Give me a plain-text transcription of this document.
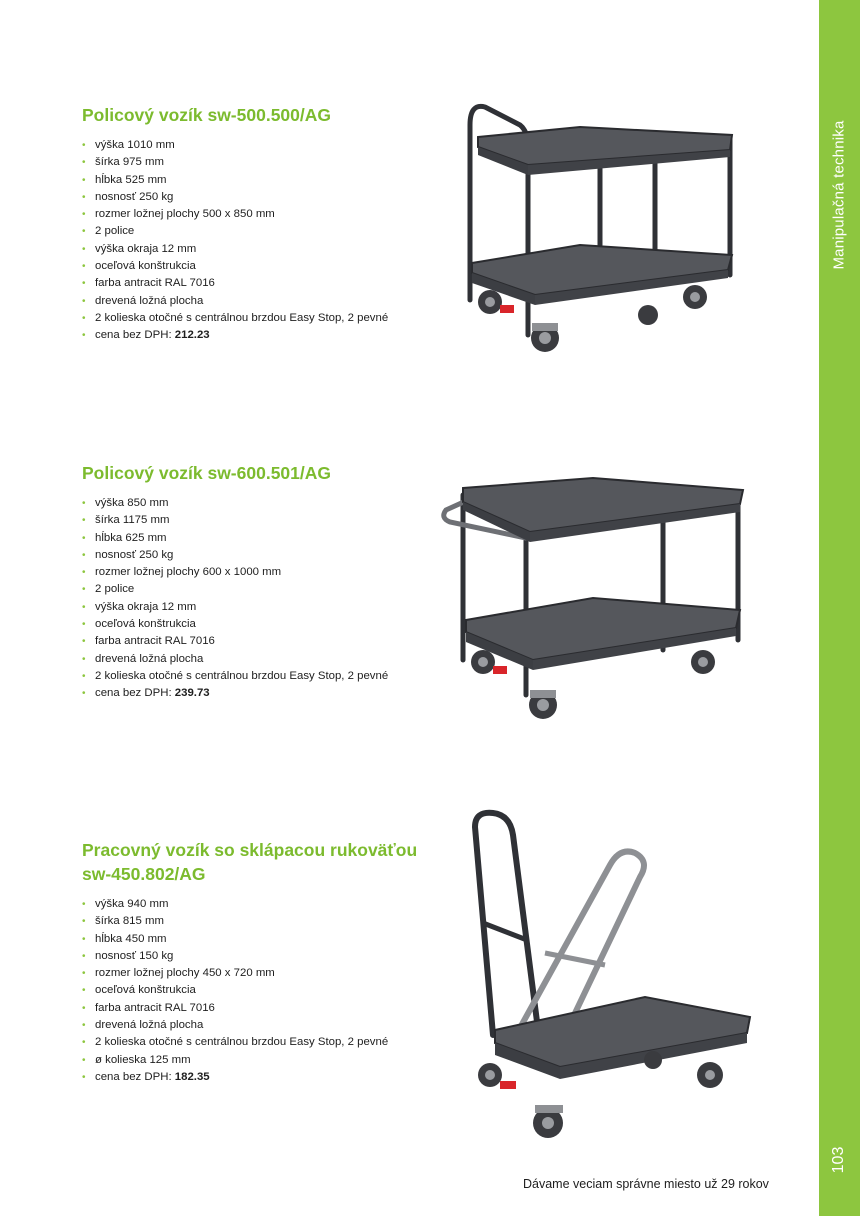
Manipulačná technika
103
Policový vozík sw-500.500/AG
• výška 1010 mm
• šírka 975 mm
• hĺbka 525 mm
• nosnosť 250 kg
• rozmer ložnej plochy 500 x 850 mm
• 2 police
• výška okraja 12 mm
• oceľová konštrukcia
• farba antracit RAL 7016
• drevená ložná plocha
• 2 kolieska otočné s centrálnou brzdou Easy Stop, 2 pevné
• cena bez DPH: 212.23
Policový vozík sw-600.501/AG
• výška 850 mm
• šírka 1175 mm
• hĺbka 625 mm
• nosnosť 250 kg
• rozmer ložnej plochy 600 x 1000 mm
• 2 police
• výška okraja 12 mm
• oceľová konštrukcia
• farba antracit RAL 7016
• drevená ložná plocha
• 2 kolieska otočné s centrálnou brzdou Easy Stop, 2 pevné
• cena bez DPH: 239.73
Pracovný vozík so sklápacou rukoväťou
sw-450.802/AG
• výška 940 mm
• šírka 815 mm
• hĺbka 450 mm
• nosnosť 150 kg
• rozmer ložnej plochy 450 x 720 mm
• oceľová konštrukcia
• farba antracit RAL 7016
• drevená ložná plocha
• 2 kolieska otočné s centrálnou brzdou Easy Stop, 2 pevné
• ø kolieska 125 mm
• cena bez DPH: 182.35
Dávame veciam správne miesto už 29 rokov
